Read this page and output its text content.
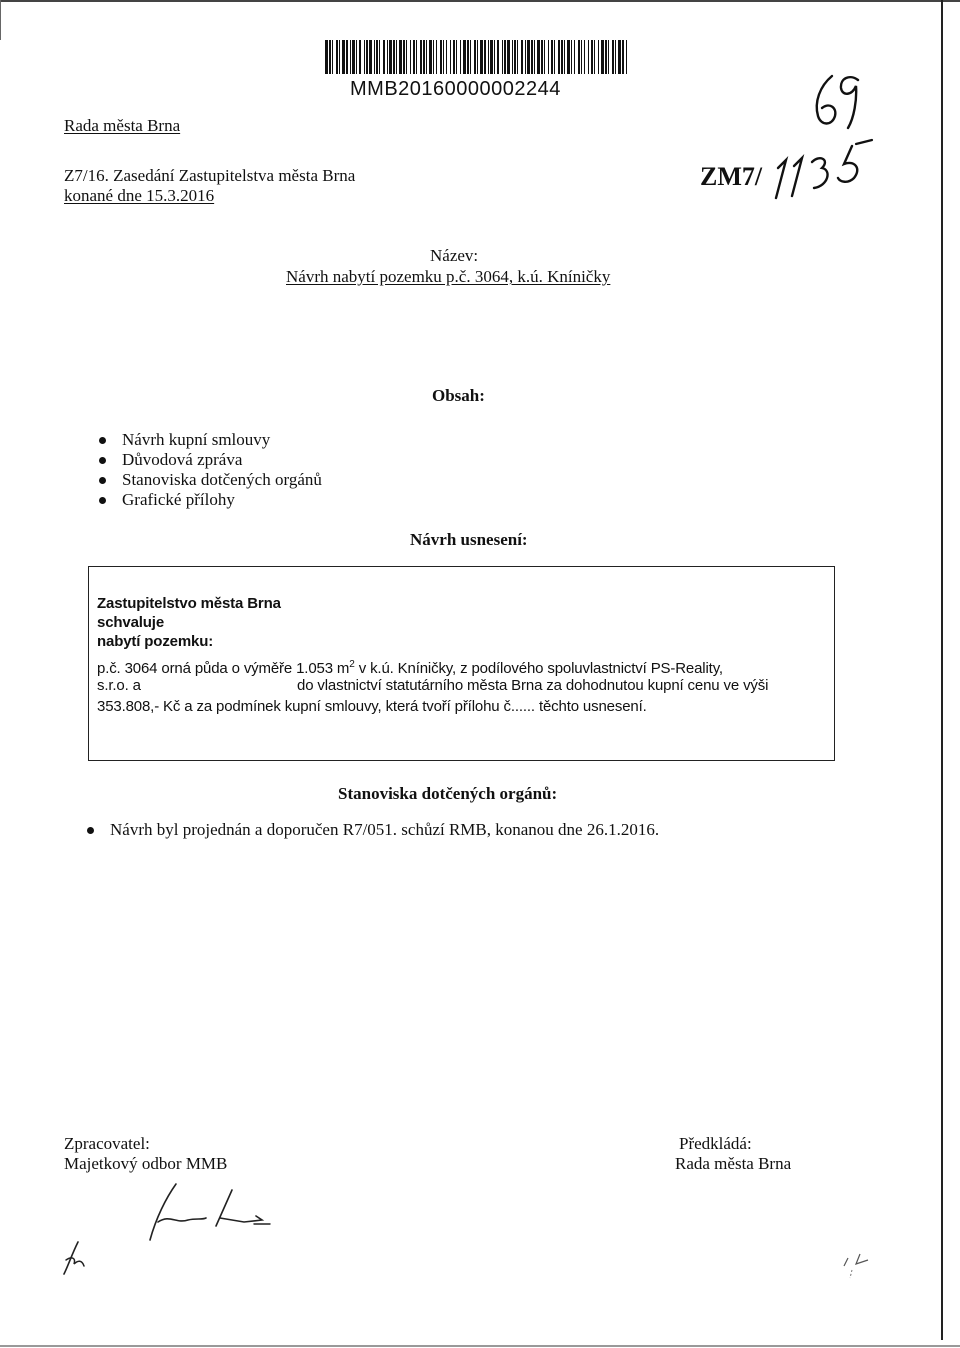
MMB20160000002244
Rada města Brna
Z7/16. Zasedání Zastupitelstva města Brna
konané dne 15.3.2016
ZM7/
Název:
Návrh nabytí pozemku p.č. 3064, k.ú. Kníničky
Obsah:
Návrh kupní smlouvy
Důvodová zpráva
Stanoviska dotčených orgánů
Grafické přílohy
Návrh usnesení:
Zastupitelstvo města Brna
schvaluje
nabytí pozemku:
p.č. 3064 orná půda o výměře 1.053 $m^2$ v k.ú. Kníničky, z podílového spoluvlastnictví PS-Reality,
s.r.o. a	do vlastnictví statutárního města Brna za dohodnutou kupní cenu ve výši
353.808,- Kč a za podmínek kupní smlouvy, která tvoří přílohu č...... těchto usnesení.
Stanoviska dotčených orgánů:
Návrh byl projednán a doporučen R7/051. schůzí RMB, konanou dne 26.1.2016.
Zpracovatel:
Majetkový odbor MMB
Předkládá:
Rada města Brna
